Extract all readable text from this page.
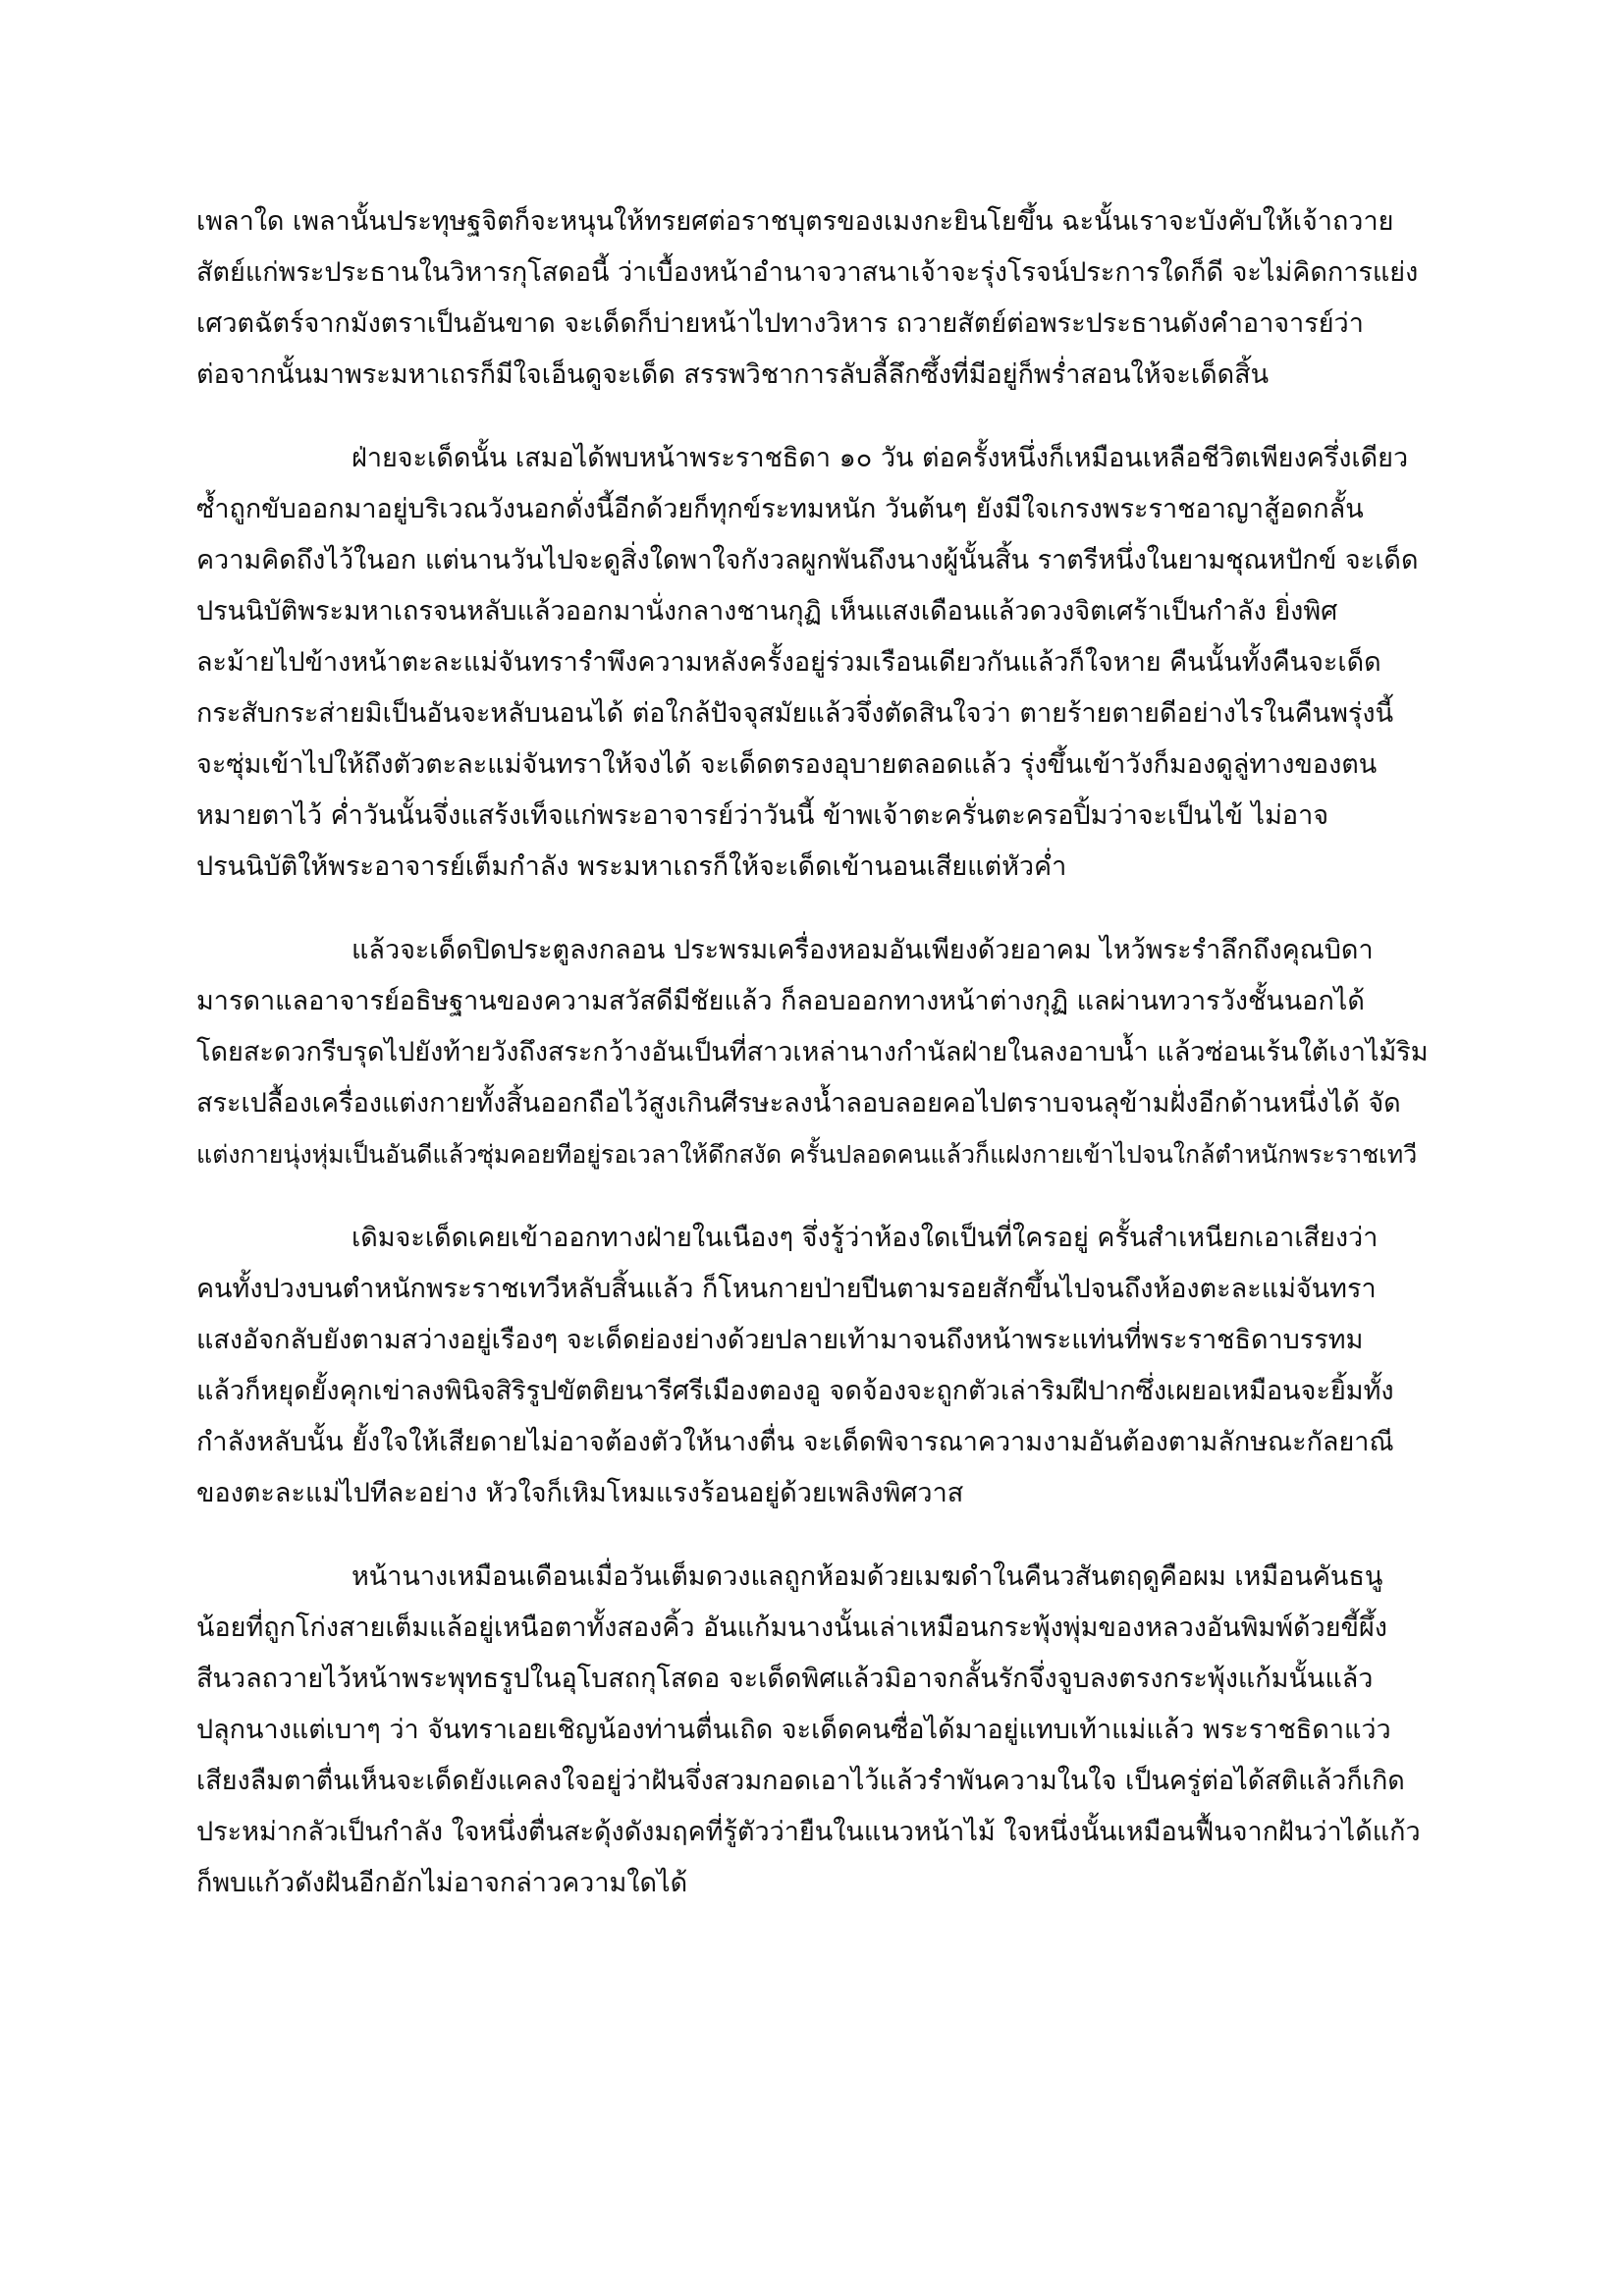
เพลาใด เพลานั้นประทุษฐจิตก็จะหนุนให้ทรยศต่อราชบุตรของเมงกะยินโยขึ้น ฉะนั้นเราจะบังคับให้เจ้าถวาย
สัตย์แก่พระประธานในวิหารกุโสดอนี้ ว่าเบื้องหน้าอำนาจวาสนาเจ้าจะรุ่งโรจน์ประการใดก็ดี จะไม่คิดการแย่ง
เศวตฉัตร์จากมังตราเป็นอันขาด จะเด็ดก็บ่ายหน้าไปทางวิหาร ถวายสัตย์ต่อพระประธานดังคำอาจารย์ว่า
ต่อจากนั้นมาพระมหาเถรก็มีใจเอ็นดูจะเด็ด สรรพวิชาการลับลี้ลึกซึ้งที่มีอยู่ก็พร่ำสอนให้จะเด็ดสิ้น
ฝ่ายจะเด็ดนั้น เสมอได้พบหน้าพระราชธิดา ๑๐ วัน ต่อครั้งหนึ่งก็เหมือนเหลือชีวิตเพียงครึ่งเดียว
ซ้ำถูกขับออกมาอยู่บริเวณวังนอกดั่งนี้อีกด้วยก็ทุกข์ระทมหนัก วันต้นๆ ยังมีใจเกรงพระราชอาญาสู้อดกลั้น
ความคิดถึงไว้ในอก แต่นานวันไปจะดูสิ่งใดพาใจกังวลผูกพันถึงนางผู้นั้นสิ้น ราตรีหนึ่งในยามชุณหปักข์ จะเด็ด
ปรนนิบัติพระมหาเถรจนหลับแล้วออกมานั่งกลางชานกุฏิ เห็นแสงเดือนแล้วดวงจิตเศร้าเป็นกำลัง ยิ่งพิศ
ละม้ายไปข้างหน้าตะละแม่จันทรารำพึงความหลังครั้งอยู่ร่วมเรือนเดียวกันแล้วก็ใจหาย คืนนั้นทั้งคืนจะเด็ด
กระสับกระส่ายมิเป็นอันจะหลับนอนได้ ต่อใกล้ปัจจุสมัยแล้วจึ่งตัดสินใจว่า ตายร้ายตายดีอย่างไรในคืนพรุ่งนี้
จะซุ่มเข้าไปให้ถึงตัวตะละแม่จันทราให้จงได้ จะเด็ดตรองอุบายตลอดแล้ว รุ่งขึ้นเข้าวังก็มองดูลู่ทางของตน
หมายตาไว้ ค่ำวันนั้นจึ่งแสร้งเท็จแก่พระอาจารย์ว่าวันนี้ ข้าพเจ้าตะครั่นตะครอปิ้มว่าจะเป็นไข้ ไม่อาจ
ปรนนิบัติให้พระอาจารย์เต็มกำลัง พระมหาเถรก็ให้จะเด็ดเข้านอนเสียแต่หัวค่ำ
แล้วจะเด็ดปิดประตูลงกลอน ประพรมเครื่องหอมอันเพียงด้วยอาคม ไหว้พระรำลึกถึงคุณบิดา
มารดาแลอาจารย์อธิษฐานของความสวัสดีมีชัยแล้ว ก็ลอบออกทางหน้าต่างกุฏิ แลผ่านทวารวังชั้นนอกได้
โดยสะดวกรีบรุดไปยังท้ายวังถึงสระกว้างอันเป็นที่สาวเหล่านางกำนัลฝ่ายในลงอาบน้ำ แล้วซ่อนเร้นใต้เงาไม้ริม
สระเปลื้องเครื่องแต่งกายทั้งสิ้นออกถือไว้สูงเกินศีรษะลงน้ำลอบลอยคอไปตราบจนลุข้ามฝั่งอีกด้านหนึ่งได้ จัด
แต่งกายนุ่งหุ่มเป็นอันดีแล้วซุ่มคอยทีอยู่รอเวลาให้ดึกสงัด ครั้นปลอดคนแล้วก็แฝงกายเข้าไปจนใกล้ตำหนักพระราชเทวี
เดิมจะเด็ดเคยเข้าออกทางฝ่ายในเนืองๆ จึ่งรู้ว่าห้องใดเป็นที่ใครอยู่ ครั้นสำเหนียกเอาเสียงว่า
คนทั้งปวงบนตำหนักพระราชเทวีหลับสิ้นแล้ว ก็โหนกายป่ายปีนตามรอยสักขึ้นไปจนถึงห้องตะละแม่จันทรา
แสงอัจกลับยังตามสว่างอยู่เรืองๆ จะเด็ดย่องย่างด้วยปลายเท้ามาจนถึงหน้าพระแท่นที่พระราชธิดาบรรทม
แล้วก็หยุดยั้งคุกเข่าลงพินิจสิริรูปขัตติยนารีศรีเมืองตองอู จดจ้องจะถูกตัวเล่าริมฝีปากซึ่งเผยอเหมือนจะยิ้มทั้ง
กำลังหลับนั้น ยั้งใจให้เสียดายไม่อาจต้องตัวให้นางตื่น จะเด็ดพิจารณาความงามอันต้องตามลักษณะกัลยาณี
ของตะละแม่ไปทีละอย่าง หัวใจก็เหิมโหมแรงร้อนอยู่ด้วยเพลิงพิศวาส
หน้านางเหมือนเดือนเมื่อวันเต็มดวงแลถูกห้อมด้วยเมฆดำในคืนวสันตฤดูคือผม เหมือนคันธนู
น้อยที่ถูกโก่งสายเต็มแล้อยู่เหนือตาทั้งสองคิ้ว อันแก้มนางนั้นเล่าเหมือนกระพุ้งพุ่มของหลวงอันพิมพ์ด้วยขี้ผึ้ง
สีนวลถวายไว้หน้าพระพุทธรูปในอุโบสถกุโสดอ จะเด็ดพิศแล้วมิอาจกลั้นรักจึ่งจูบลงตรงกระพุ้งแก้มนั้นแล้ว
ปลุกนางแต่เบาๆ ว่า จันทราเอยเชิญน้องท่านตื่นเถิด จะเด็ดคนซื่อได้มาอยู่แทบเท้าแม่แล้ว พระราชธิดาแว่ว
เสียงลืมตาตื่นเห็นจะเด็ดยังแคลงใจอยู่ว่าฝันจึ่งสวมกอดเอาไว้แล้วรำพันความในใจ เป็นครู่ต่อได้สติแล้วก็เกิด
ประหม่ากลัวเป็นกำลัง ใจหนึ่งตื่นสะดุ้งดังมฤคที่รู้ตัวว่ายืนในแนวหน้าไม้ ใจหนึ่งนั้นเหมือนฟื้นจากฝันว่าได้แก้ว
ก็พบแก้วดังฝันอีกอักไม่อาจกล่าวความใดได้
